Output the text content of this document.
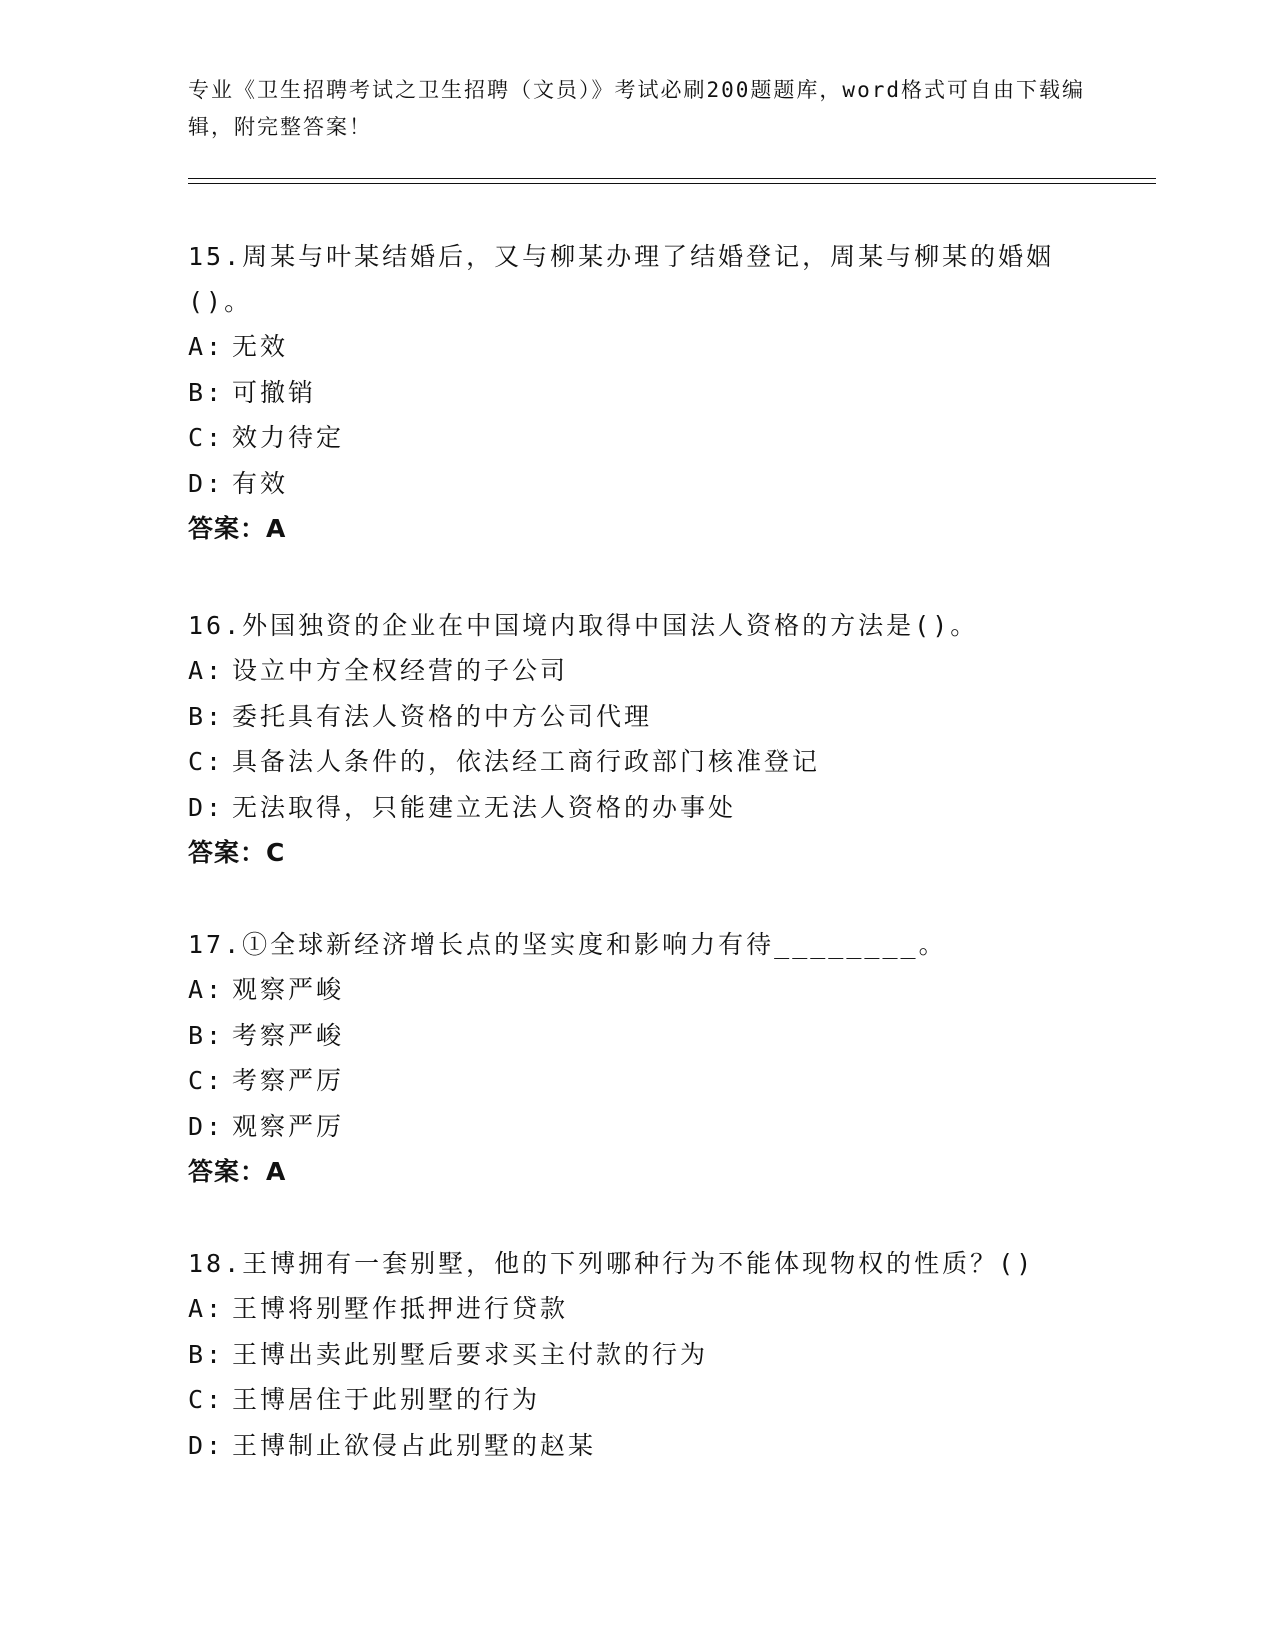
专业《卫生招聘考试之卫生招聘（文员）》考试必刷200题题库，word格式可自由下载编辑，附完整答案！
15.周某与叶某结婚后，又与柳某办理了结婚登记，周某与柳某的婚姻()。
A: 无效
B: 可撤销
C: 效力待定
D: 有效
答案：A
16.外国独资的企业在中国境内取得中国法人资格的方法是()。
A: 设立中方全权经营的子公司
B: 委托具有法人资格的中方公司代理
C: 具备法人条件的，依法经工商行政部门核准登记
D: 无法取得，只能建立无法人资格的办事处
答案：C
17.①全球新经济增长点的坚实度和影响力有待________。
A: 观察严峻
B: 考察严峻
C: 考察严厉
D: 观察严厉
答案：A
18.王博拥有一套别墅，他的下列哪种行为不能体现物权的性质？()
A: 王博将别墅作抵押进行贷款
B: 王博出卖此别墅后要求买主付款的行为
C: 王博居住于此别墅的行为
D: 王博制止欲侵占此别墅的赵某
